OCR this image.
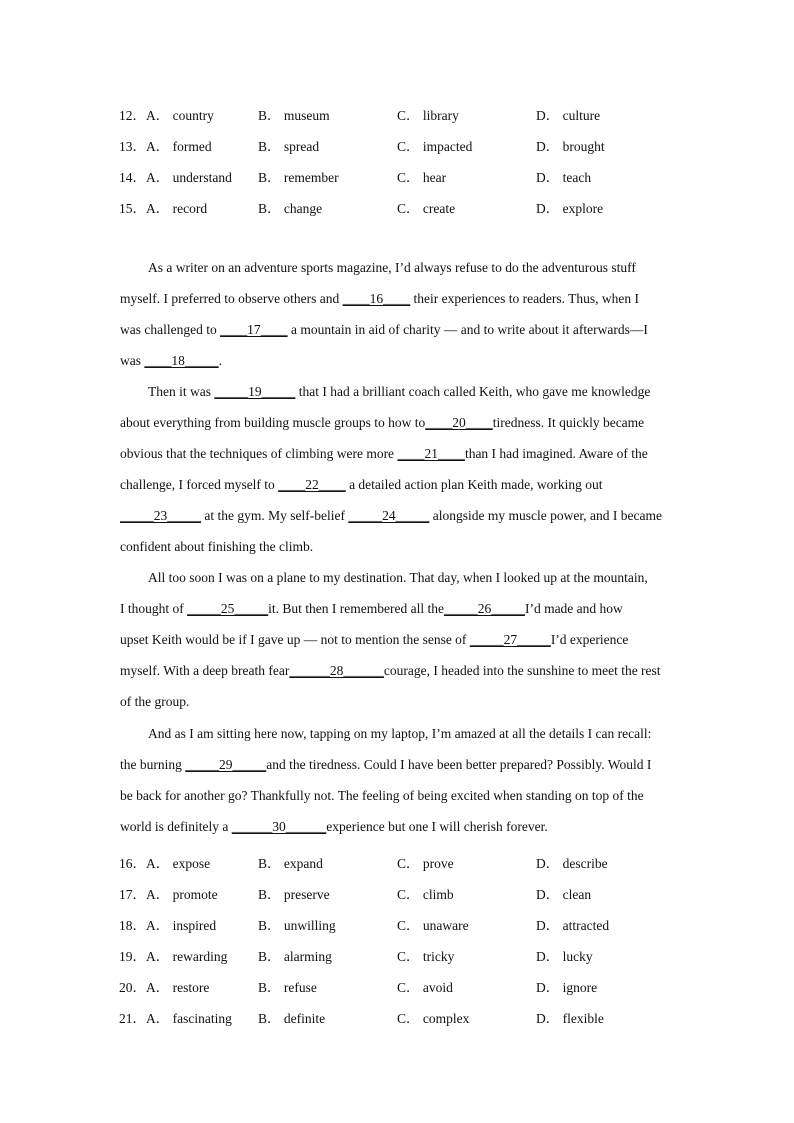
12．A． country	B． museum	C． library	D． culture
13．A． formed	B． spread	C． impacted	D． brought
14．A． understand B． remember	C． hear	D． teach
15．A． record	B． change	C． create	D． explore
As a writer on an adventure sports magazine, I’d always refuse to do the adventurous stuff
myself. I preferred to observe others and ____16____ their experiences to readers. Thus, when I
was challenged to ____17____ a mountain in aid of charity — and to write about it afterwards—I
was ____18_____.
Then it was _____19_____ that I had a brilliant coach called Keith, who gave me knowledge
about everything from building muscle groups to how to____20____tiredness. It quickly became
obvious that the techniques of climbing were more ____21____than I had imagined. Aware of the
challenge, I forced myself to ____22____ a detailed action plan Keith made, working out
_____23_____ at the gym. My self-belief _____24_____ alongside my muscle power, and I became
confident about finishing the climb.
All too soon I was on a plane to my destination. That day, when I looked up at the mountain,
I thought of _____25_____it. But then I remembered all the_____26_____I’d made and how
upset Keith would be if I gave up — not to mention the sense of _____27_____I’d experience
myself. With a deep breath fear______28______courage, I headed into the sunshine to meet the rest
of the group.
And as I am sitting here now, tapping on my laptop, I’m amazed at all the details I can recall:
the burning _____29_____and the tiredness. Could I have been better prepared? Possibly. Would I
be back for another go? Thankfully not. The feeling of being excited when standing on top of the
world is definitely a ______30______experience but one I will cherish forever.
16．A． expose	B． expand	C． prove	D． describe
17．A． promote	B． preserve	C． climb	D． clean
18．A． inspired	B． unwilling	C． unaware	D． attracted
19．A． rewarding B． alarming	C． tricky	D． lucky
20．A． restore	B． refuse	C． avoid	D． ignore
21．A． fascinating B． definite	C． complex	D． flexible
